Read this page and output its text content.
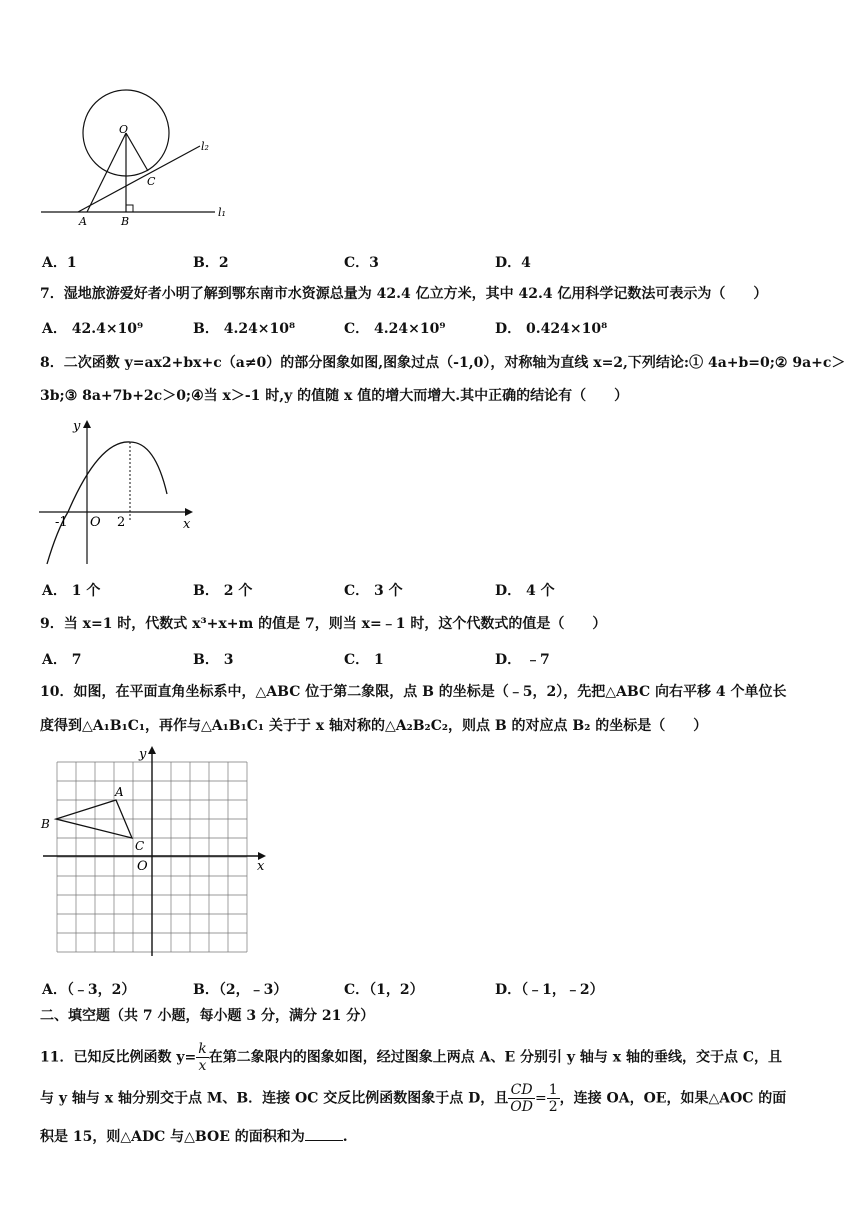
O
C
A	B
l₁
l₂
A．1	B．2	C．3	D．4
7．湿地旅游爱好者小明了解到鄂东南市水资源总量为 42.4 亿立方米，其中 42.4 亿用科学记数法可表示为（　　）
A． 42.4×10⁹	B． 4.24×10⁸	C． 4.24×10⁹	D． 0.424×10⁸
8．二次函数 y=ax2+bx+c（a≠0）的部分图象如图,图象过点（-1,0），对称轴为直线 x=2,下列结论:① 4a+b=0;② 9a+c＞
3b;③ 8a+7b+2c＞0;④当 x＞-1 时,y 的值随 x 值的增大而增大.其中正确的结论有（　　）
y
x
O
-1	2
A． 1 个	B． 2 个	C． 3 个	D． 4 个
9．当 x=1 时，代数式 x³+x+m 的值是 7，则当 x=﹣1 时，这个代数式的值是（　　）
A． 7	B． 3	C． 1	D． ﹣7
10．如图，在平面直角坐标系中，△ABC 位于第二象限，点 B 的坐标是（﹣5，2），先把△ABC 向右平移 4 个单位长
度得到△A₁B₁C₁，再作与△A₁B₁C₁ 关于于 x 轴对称的△A₂B₂C₂，则点 B 的对应点 B₂ 的坐标是（　　）
y
x
O
A
B
C
A．（﹣3，2）	B．（2，﹣3）	C．（1，2）	D．（﹣1，﹣2）
二、填空题（共 7 小题，每小题 3 分，满分 21 分）
11．已知反比例函数 $y= \frac{k}{x}$ 在第二象限内的图象如图，经过图象上两点 A、E 分别引 y 轴与 x 轴的垂线，交于点 C，且
与 y 轴与 x 轴分别交于点 M、B．连接 OC 交反比例函数图象于点 D，且 $\frac{CD}{OD} = \frac{1}{2}$ ，连接 OA，OE，如果△AOC 的面
积是 15，则△ADC 与△BOE 的面积和为	.
